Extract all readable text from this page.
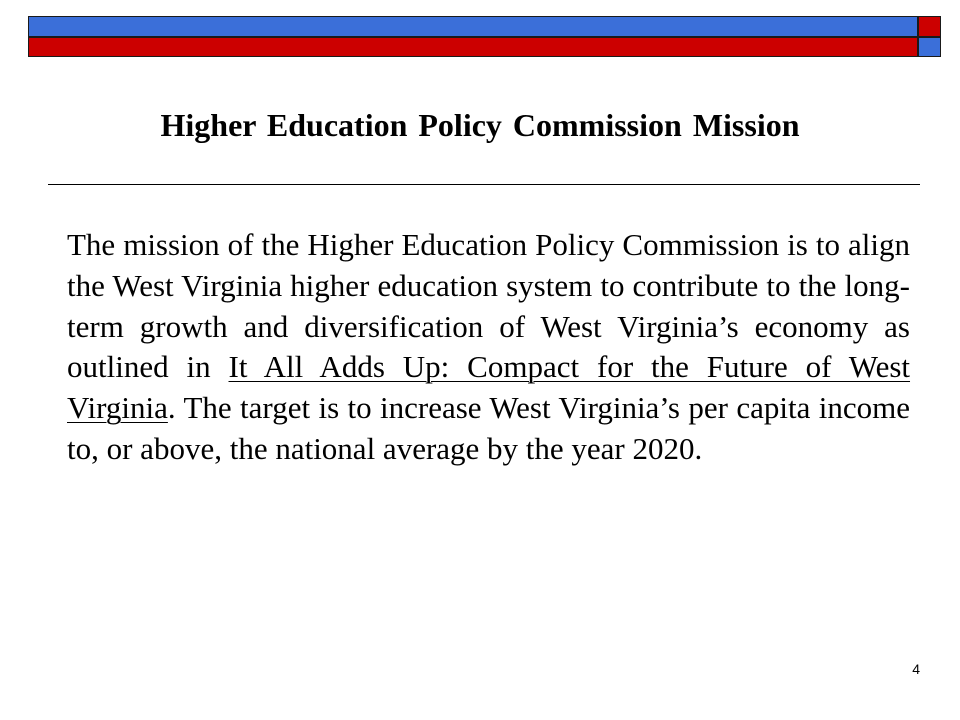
Higher Education Policy Commission Mission

The mission of the Higher Education Policy Commission is to align the West Virginia higher education system to contribute to the long-term growth and diversification of West Virginia’s economy as outlined in It All Adds Up: Compact for the Future of West Virginia. The target is to increase West Virginia’s per capita income to, or above, the national average by the year 2020.

4
